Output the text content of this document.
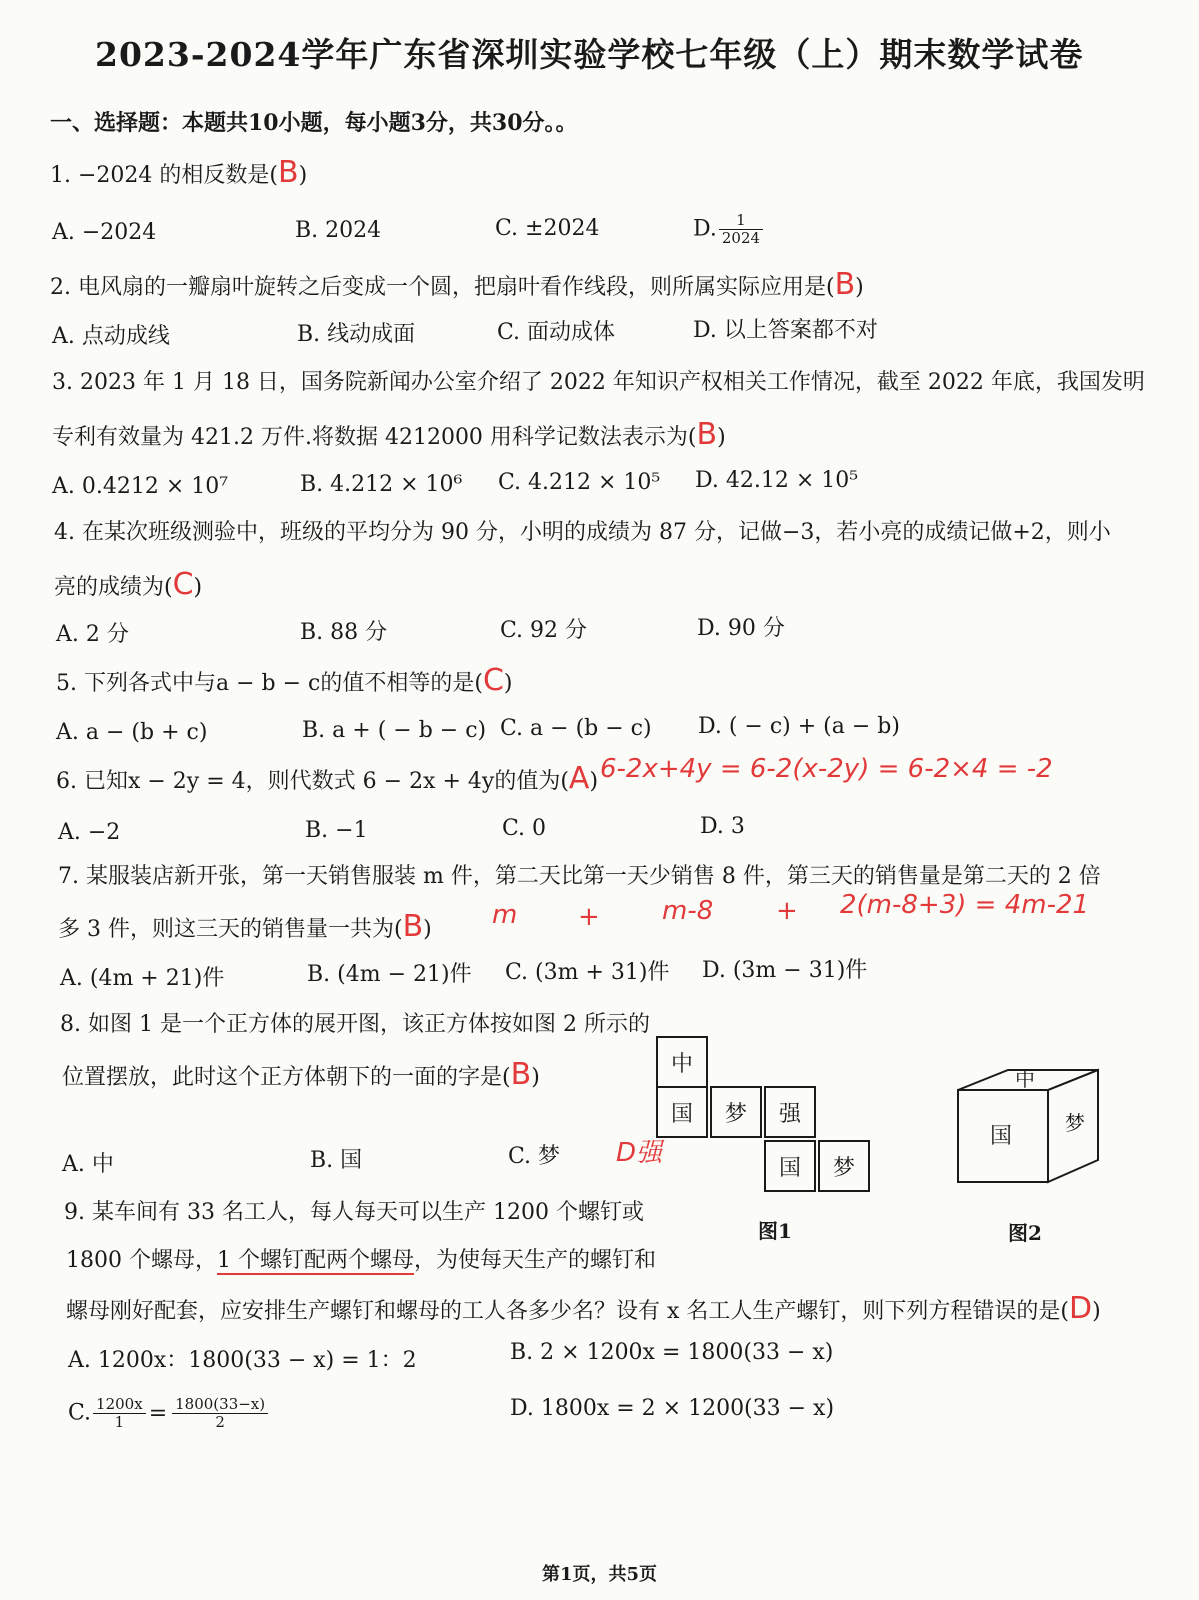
2023-2024学年广东省深圳实验学校七年级（上）期末数学试卷
一、选择题：本题共10小题，每小题3分，共30分。。
1. −2024 的相反数是(B)
A. −2024	B. 2024	C. ±2024	D. $\frac{1}{2024}$
2. 电风扇的一瓣扇叶旋转之后变成一个圆，把扇叶看作线段，则所属实际应用是(B)
A. 点动成线	B. 线动成面	C. 面动成体	D. 以上答案都不对
3. 2023 年 1 月 18 日，国务院新闻办公室介绍了 2022 年知识产权相关工作情况，截至 2022 年底，我国发明
专利有效量为 421.2 万件.将数据 4212000 用科学记数法表示为(B)
A. 0.4212 × 10⁷	B. 4.212 × 10⁶ C. 4.212 × 10⁵ D. 42.12 × 10⁵
4. 在某次班级测验中，班级的平均分为 90 分，小明的成绩为 87 分，记做−3，若小亮的成绩记做+2，则小
亮的成绩为(C)
A. 2 分	B. 88 分	C. 92 分	D. 90 分
5. 下列各式中与a − b − c的值不相等的是(C)
A. a − (b + c)	B. a + ( − b − c) C. a − (b − c) D. ( − c) + (a − b)
6. 已知x − 2y = 4，则代数式 6 − 2x + 4y的值为(A) 6-2x+4y = 6-2(x-2y) = 6-2×4 = -2
A. −2	B. −1	C. 0	D. 3
7. 某服装店新开张，第一天销售服装 m 件，第二天比第一天少销售 8 件，第三天的销售量是第二天的 2 倍
多 3 件，则这三天的销售量一共为(B) m + m-8 + 2(m-8+3) = 4m-21
A. (4m + 21)件	B. (4m − 21)件 C. (3m + 31)件 D. (3m − 31)件
8. 如图 1 是一个正方体的展开图，该正方体按如图 2 所示的
位置摆放，此时这个正方体朝下的一面的字是(B)
A. 中	B. 国	C. 梦 D强
中
国	梦	强
国	梦
图1
中
国
梦
图2
9. 某车间有 33 名工人，每人每天可以生产 1200 个螺钉或
1800 个螺母，1 个螺钉配两个螺母，为使每天生产的螺钉和
螺母刚好配套，应安排生产螺钉和螺母的工人各多少名？设有 x 名工人生产螺钉，则下列方程错误的是(D)
A. 1200x：1800(33 − x) = 1：2	B. 2 × 1200x = 1800(33 − x)
C. $\frac{1200x}{1} = \frac{1800(33-x)}{2}$	D. 1800x = 2 × 1200(33 − x)
第1页，共5页
